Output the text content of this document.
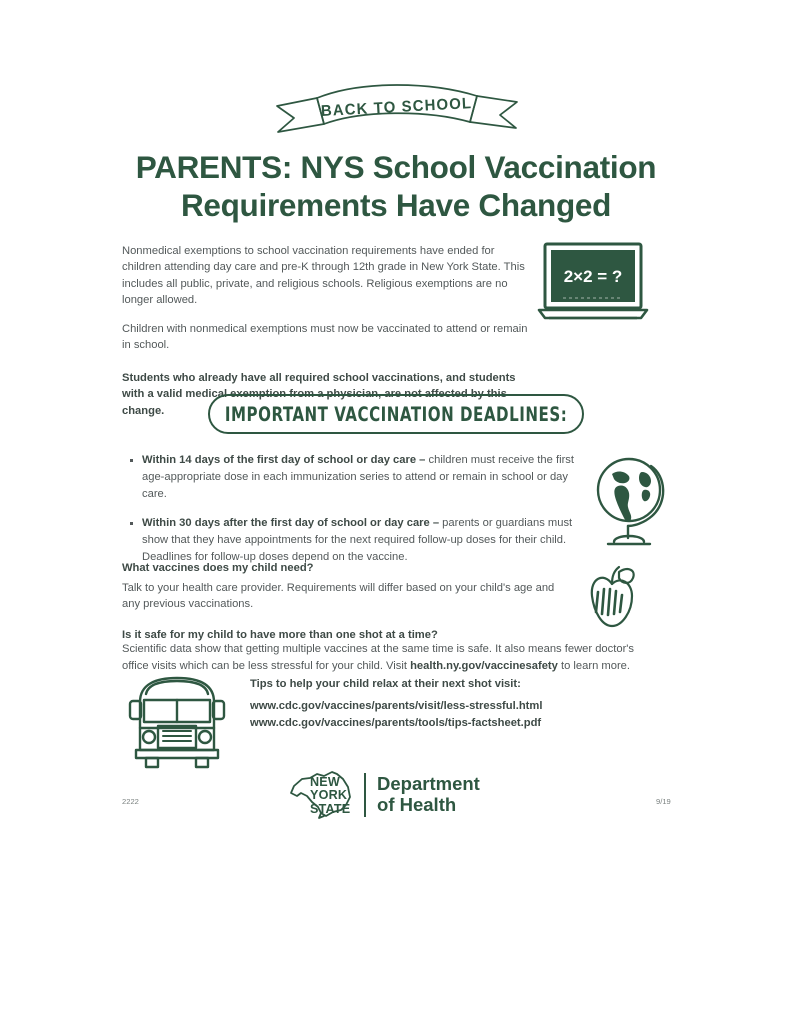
BACK TO SCHOOL
PARENTS: NYS School Vaccination
Requirements Have Changed

Nonmedical exemptions to school vaccination requirements have ended for children attending day care and pre-K through 12th grade in New York State. This includes all public, private, and religious schools. Religious exemptions are no longer allowed.

Children with nonmedical exemptions must now be vaccinated to attend or remain in school.

Students who already have all required school vaccinations, and students with a valid medical exemption from a physician, are not affected by this change.

2×2 = ?
IMPORTANT VACCINATION DEADLINES:
Within 14 days of the first day of school or day care – children must receive the first age-appropriate dose in each immunization series to attend or remain in school or day care.
Within 30 days after the first day of school or day care – parents or guardians must show that they have appointments for the next required follow-up doses for their child. Deadlines for follow-up doses depend on the vaccine.
What vaccines does my child need?

Talk to your health care provider. Requirements will differ based on your child's age and any previous vaccinations.

Is it safe for my child to have more than one shot at a time?

Scientific data show that getting multiple vaccines at the same time is safe. It also means fewer doctor's office visits which can be less stressful for your child. Visit health.ny.gov/vaccinesafety to learn more.

Tips to help your child relax at their next shot visit:

www.cdc.gov/vaccines/parents/visit/less-stressful.html
www.cdc.gov/vaccines/parents/tools/tips-factsheet.pdf
NEW
YORK
STATE
Department
of Health
2222	9/19
